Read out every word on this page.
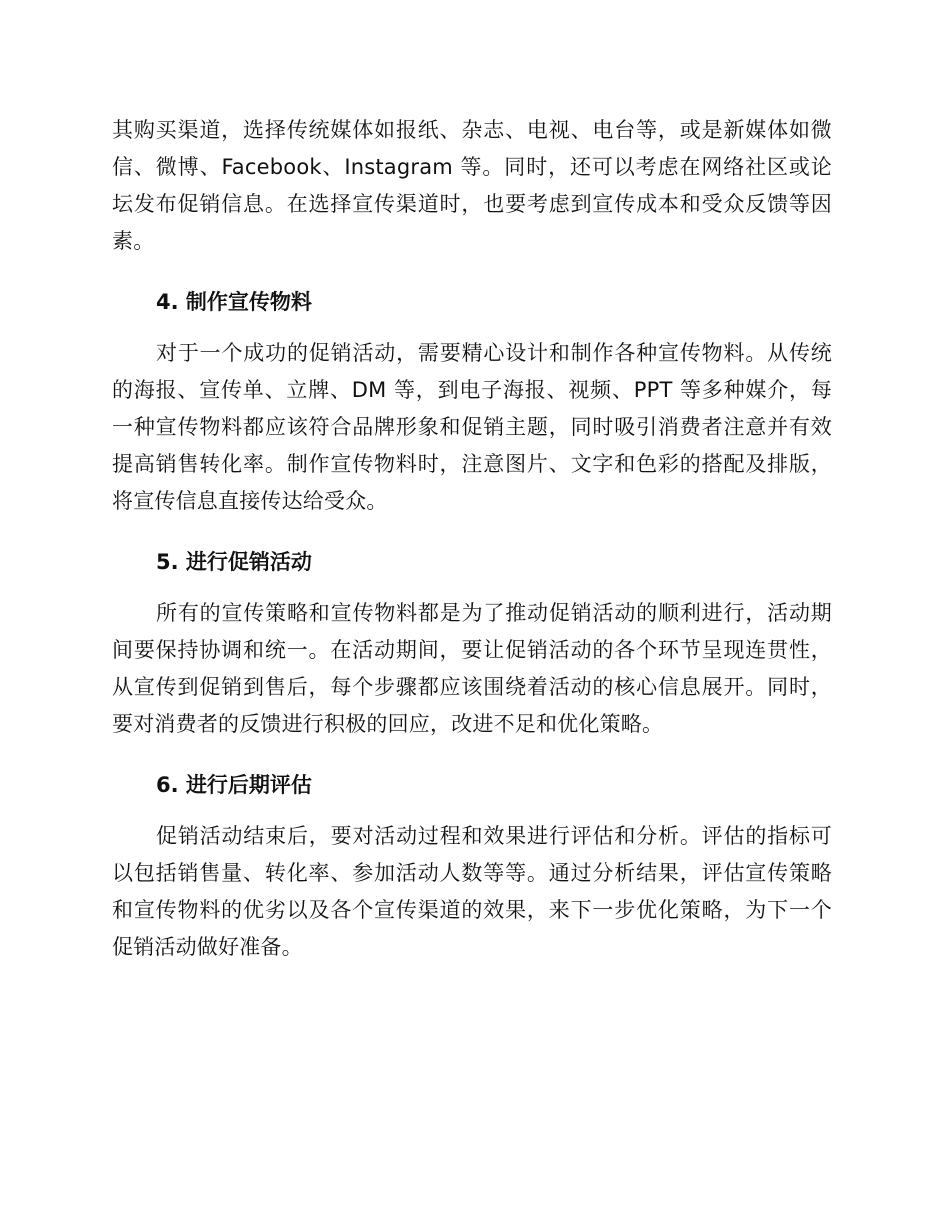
其购买渠道，选择传统媒体如报纸、杂志、电视、电台等，或是新媒体如微信、微博、Facebook、Instagram 等。同时，还可以考虑在网络社区或论坛发布促销信息。在选择宣传渠道时，也要考虑到宣传成本和受众反馈等因素。

4. 制作宣传物料

对于一个成功的促销活动，需要精心设计和制作各种宣传物料。从传统的海报、宣传单、立牌、DM 等，到电子海报、视频、PPT 等多种媒介，每一种宣传物料都应该符合品牌形象和促销主题，同时吸引消费者注意并有效提高销售转化率。制作宣传物料时，注意图片、文字和色彩的搭配及排版，将宣传信息直接传达给受众。

5. 进行促销活动

所有的宣传策略和宣传物料都是为了推动促销活动的顺利进行，活动期间要保持协调和统一。在活动期间，要让促销活动的各个环节呈现连贯性，从宣传到促销到售后，每个步骤都应该围绕着活动的核心信息展开。同时，要对消费者的反馈进行积极的回应，改进不足和优化策略。

6. 进行后期评估

促销活动结束后，要对活动过程和效果进行评估和分析。评估的指标可以包括销售量、转化率、参加活动人数等等。通过分析结果，评估宣传策略和宣传物料的优劣以及各个宣传渠道的效果，来下一步优化策略，为下一个促销活动做好准备。
